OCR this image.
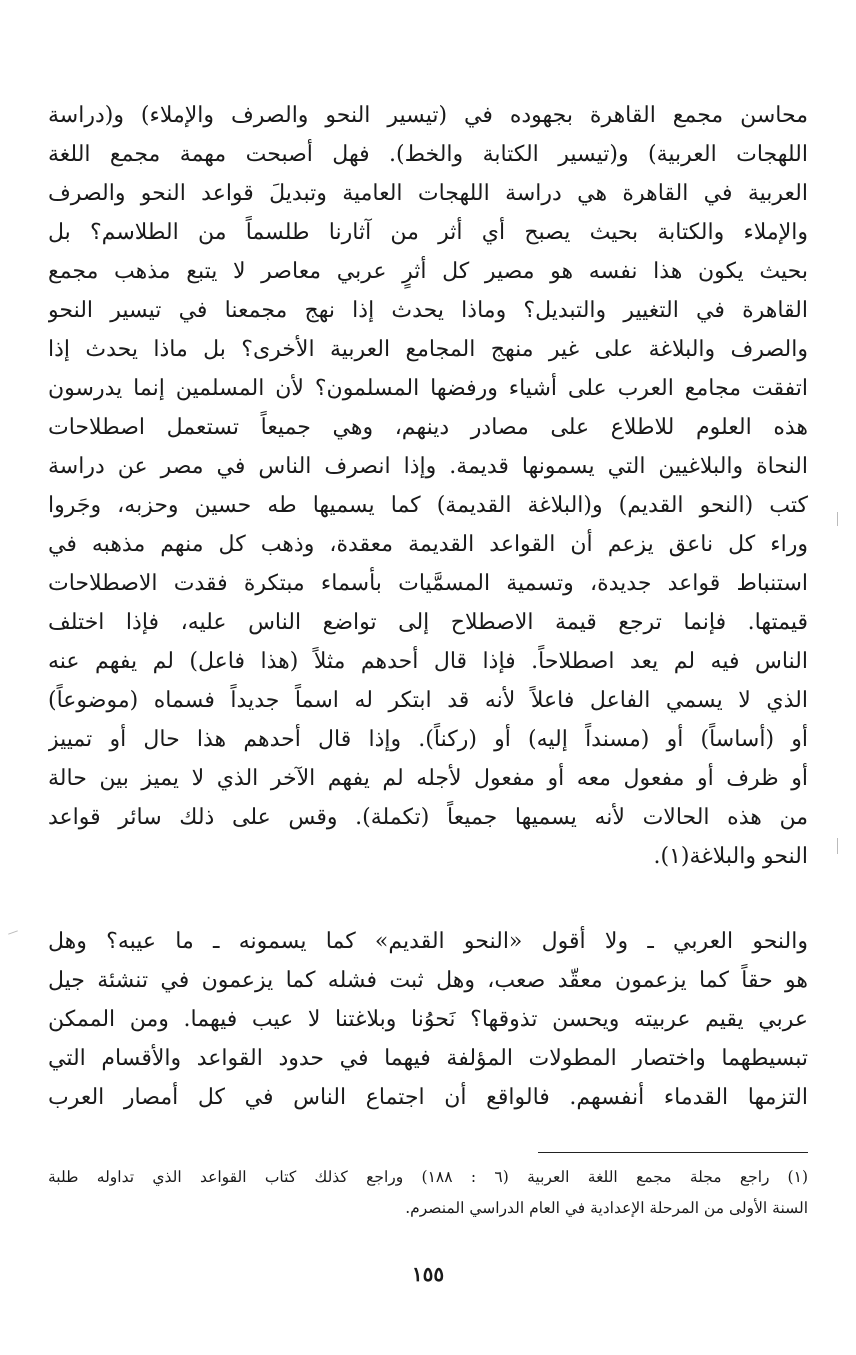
محاسن مجمع القاهرة بجهوده في (تيسير النحو والصرف والإملاء) و(دراسة
اللهجات العربية) و(تيسير الكتابة والخط). فهل أصبحت مهمة مجمع اللغة
العربية في القاهرة هي دراسة اللهجات العامية وتبديلَ قواعد النحو والصرف
والإملاء والكتابة بحيث يصبح أي أثر من آثارنا طلسماً من الطلاسم؟ بل
بحيث يكون هذا نفسه هو مصير كل أثرٍ عربي معاصر لا يتبع مذهب مجمع
القاهرة في التغيير والتبديل؟ وماذا يحدث إذا نهج مجمعنا في تيسير النحو
والصرف والبلاغة على غير منهج المجامع العربية الأخرى؟ بل ماذا يحدث إذا
اتفقت مجامع العرب على أشياء ورفضها المسلمون؟ لأن المسلمين إنما يدرسون
هذه العلوم للاطلاع على مصادر دينهم، وهي جميعاً تستعمل اصطلاحات
النحاة والبلاغيين التي يسمونها قديمة. وإذا انصرف الناس في مصر عن دراسة
كتب (النحو القديم) و(البلاغة القديمة) كما يسميها طه حسين وحزبه، وجَروا
وراء كل ناعق يزعم أن القواعد القديمة معقدة، وذهب كل منهم مذهبه في
استنباط قواعد جديدة، وتسمية المسمَّيات بأسماء مبتكرة فقدت الاصطلاحات
قيمتها. فإنما ترجع قيمة الاصطلاح إلى تواضع الناس عليه، فإذا اختلف
الناس فيه لم يعد اصطلاحاً. فإذا قال أحدهم مثلاً (هذا فاعل) لم يفهم عنه
الذي لا يسمي الفاعل فاعلاً لأنه قد ابتكر له اسماً جديداً فسماه (موضوعاً)
أو (أساساً) أو (مسنداً إليه) أو (ركناً). وإذا قال أحدهم هذا حال أو تمييز
أو ظرف أو مفعول معه أو مفعول لأجله لم يفهم الآخر الذي لا يميز بين حالة
من هذه الحالات لأنه يسميها جميعاً (تكملة). وقس على ذلك سائر قواعد
النحو والبلاغة(١).
والنحو العربي ـ ولا أقول «النحو القديم» كما يسمونه ـ ما عيبه؟ وهل
هو حقاً كما يزعمون معقّد صعب، وهل ثبت فشله كما يزعمون في تنشئة جيل
عربي يقيم عربيته ويحسن تذوقها؟ نَحوُنا وبلاغتنا لا عيب فيهما. ومن الممكن
تبسيطهما واختصار المطولات المؤلفة فيهما في حدود القواعد والأقسام التي
التزمها القدماء أنفسهم. فالواقع أن اجتماع الناس في كل أمصار العرب
(١)راجع مجلة مجمع اللغة العربية (٦ : ١٨٨) وراجع كذلك كتاب القواعد الذي تداوله طلبة
السنة الأولى من المرحلة الإعدادية في العام الدراسي المنصرم.
١٥٥
